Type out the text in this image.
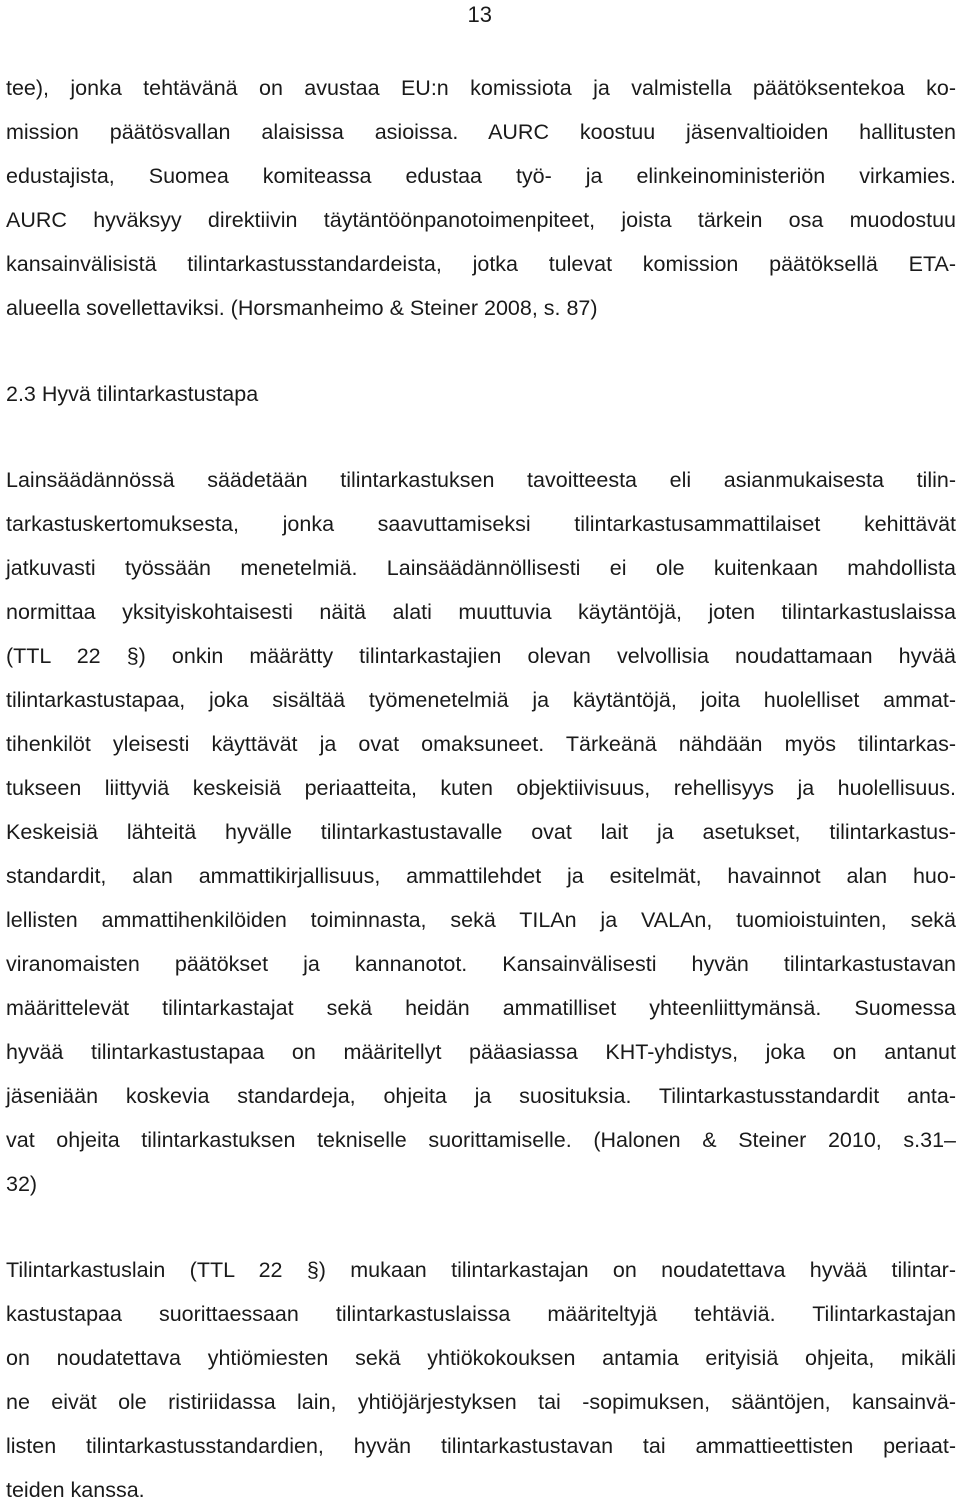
13
tee), jonka tehtävänä on avustaa EU:n komissiota ja valmistella päätöksentekoa ko-
mission päätösvallan alaisissa asioissa. AURC koostuu jäsenvaltioiden hallitusten
edustajista, Suomea komiteassa edustaa työ- ja elinkeinoministeriön virkamies.
AURC hyväksyy direktiivin täytäntöönpanotoimenpiteet, joista tärkein osa muodostuu
kansainvälisistä tilintarkastusstandardeista, jotka tulevat komission päätöksellä ETA-
alueella sovellettaviksi. (Horsmanheimo & Steiner 2008, s. 87)
2.3 Hyvä tilintarkastustapa
Lainsäädännössä säädetään tilintarkastuksen tavoitteesta eli asianmukaisesta tilin-
tarkastuskertomuksesta, jonka saavuttamiseksi tilintarkastusammattilaiset kehittävät
jatkuvasti työssään menetelmiä. Lainsäädännöllisesti ei ole kuitenkaan mahdollista
normittaa yksityiskohtaisesti näitä alati muuttuvia käytäntöjä, joten tilintarkastuslaissa
(TTL 22 §) onkin määrätty tilintarkastajien olevan velvollisia noudattamaan hyvää
tilintarkastustapaa, joka sisältää työmenetelmiä ja käytäntöjä, joita huolelliset ammat-
tihenkilöt yleisesti käyttävät ja ovat omaksuneet. Tärkeänä nähdään myös tilintarkas-
tukseen liittyviä keskeisiä periaatteita, kuten objektiivisuus, rehellisyys ja huolellisuus.
Keskeisiä lähteitä hyvälle tilintarkastustavalle ovat lait ja asetukset, tilintarkastus-
standardit, alan ammattikirjallisuus, ammattilehdet ja esitelmät, havainnot alan huo-
lellisten ammattihenkilöiden toiminnasta, sekä TILAn ja VALAn, tuomioistuinten, sekä
viranomaisten päätökset ja kannanotot. Kansainvälisesti hyvän tilintarkastustavan
määrittelevät tilintarkastajat sekä heidän ammatilliset yhteenliittymänsä. Suomessa
hyvää tilintarkastustapaa on määritellyt pääasiassa KHT-yhdistys, joka on antanut
jäseniään koskevia standardeja, ohjeita ja suosituksia. Tilintarkastusstandardit anta-
vat ohjeita tilintarkastuksen tekniselle suorittamiselle. (Halonen & Steiner 2010, s.31–
32)
Tilintarkastuslain (TTL 22 §) mukaan tilintarkastajan on noudatettava hyvää tilintar-
kastustapaa suorittaessaan tilintarkastuslaissa määriteltyjä tehtäviä. Tilintarkastajan
on noudatettava yhtiömiesten sekä yhtiökokouksen antamia erityisiä ohjeita, mikäli
ne eivät ole ristiriidassa lain, yhtiöjärjestyksen tai -sopimuksen, sääntöjen, kansainvä-
listen tilintarkastusstandardien, hyvän tilintarkastustavan tai ammattieettisten periaat-
teiden kanssa.
